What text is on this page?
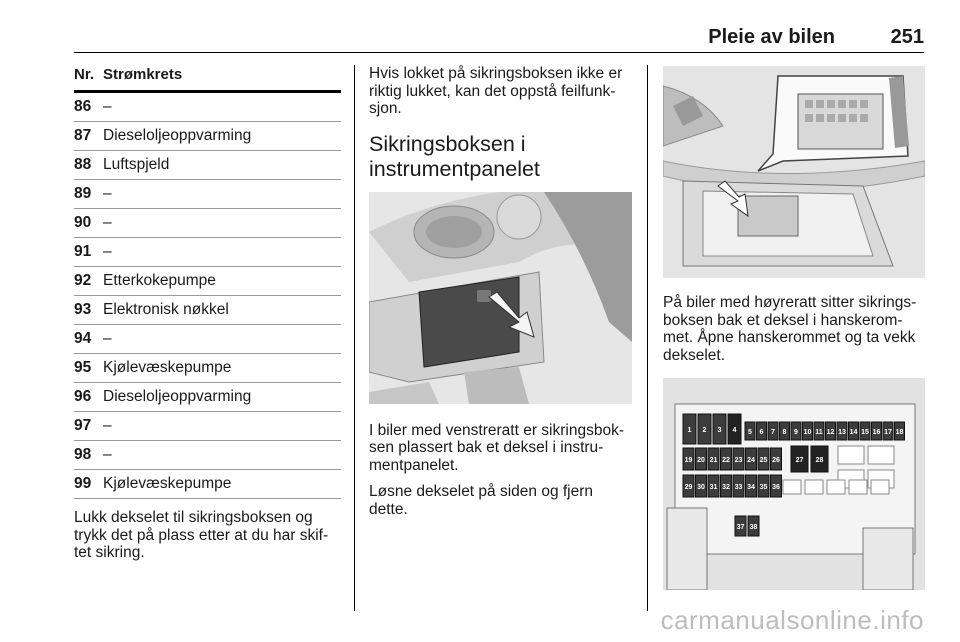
Pleie av bilen	251
Nr. Strømkrets
86 –
87 Dieseloljeoppvarming
88 Luftspjeld
89 –
90 –
91 –
92 Etterkokepumpe
93 Elektronisk nøkkel
94 –
95 Kjølevæskepumpe
96 Dieseloljeoppvarming
97 –
98 –
99 Kjølevæskepumpe

Lukk dekselet til sikringsboksen og trykk det på plass etter at du har skif-tet sikring.

Hvis lokket på sikringsboksen ikke er riktig lukket, kan det oppstå feilfunk-sjon.

Sikringsboksen i instrumentpanelet

I biler med venstreratt er sikringsbok-sen plassert bak et deksel i instru-mentpanelet.

Løsne dekselet på siden og fjern dette.

På biler med høyreratt sitter sikrings-boksen bak et deksel i hanskerom-met. Åpne hanskerommet og ta vekk dekselet.

1 2 3 4 5 6 7 8 9 10 11 12 13 14 15 16 17 18
19 20 21 22 23 24 25 26 27 28
29 30 31 32 33 34 35 36
37 38
carmanualsonline.info
